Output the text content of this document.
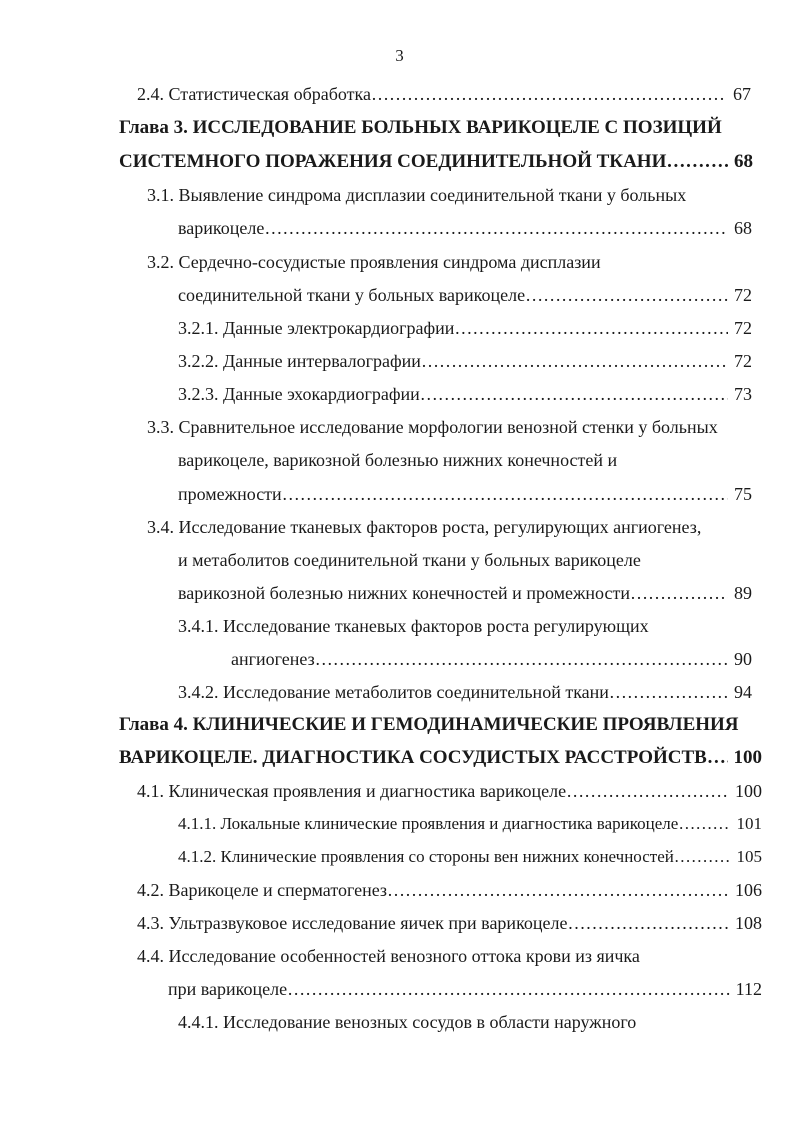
3
2.4. Статистическая обработка ……………………………………………………………………………………………………………………………………………………………………………………………………………	67
Глава 3. ИССЛЕДОВАНИЕ БОЛЬНЫХ ВАРИКОЦЕЛЕ С ПОЗИЦИЙ
СИСТЕМНОГО ПОРАЖЕНИЯ СОЕДИНИТЕЛЬНОЙ ТКАНИ ……………………………………………………………………………………………………………………………………………………………………………………………………………	68
3.1. Выявление синдрома дисплазии соединительной ткани у больных
варикоцеле ……………………………………………………………………………………………………………………………………………………………………………………………………………	68
3.2. Сердечно-сосудистые проявления синдрома дисплазии
соединительной ткани у больных варикоцеле ……………………………………………………………………………………………………………………………………………………………………………………………………………	72
3.2.1. Данные электрокардиографии ……………………………………………………………………………………………………………………………………………………………………………………………………………	72
3.2.2. Данные интервалографии ……………………………………………………………………………………………………………………………………………………………………………………………………………	72
3.2.3. Данные эхокардиографии ……………………………………………………………………………………………………………………………………………………………………………………………………………	73
3.3. Сравнительное исследование морфологии венозной стенки у больных
варикоцеле, варикозной болезнью нижних конечностей и
промежности ……………………………………………………………………………………………………………………………………………………………………………………………………………	75
3.4. Исследование тканевых факторов роста, регулирующих ангиогенез,
и метаболитов соединительной ткани у больных варикоцеле
варикозной болезнью нижних конечностей и промежности ……………………………………………………………………………………………………………………………………………………………………………………………………………	89
3.4.1. Исследование тканевых факторов роста регулирующих
ангиогенез ……………………………………………………………………………………………………………………………………………………………………………………………………………	90
3.4.2. Исследование метаболитов соединительной ткани ……………………………………………………………………………………………………………………………………………………………………………………………………………	94
Глава 4. КЛИНИЧЕСКИЕ И ГЕМОДИНАМИЧЕСКИЕ ПРОЯВЛЕНИЯ
ВАРИКОЦЕЛЕ. ДИАГНОСТИКА СОСУДИСТЫХ РАССТРОЙСТВ ……………………………………………………………………………………………………………………………………………………………………………………………………………	100
4.1. Клиническая проявления и диагностика варикоцеле ……………………………………………………………………………………………………………………………………………………………………………………………………………	100
4.1.1. Локальные клинические проявления и диагностика варикоцеле ……………………………………………………………………………………………………………………………………………………………………………………………………………	101
4.1.2. Клинические проявления со стороны вен нижних конечностей ……………………………………………………………………………………………………………………………………………………………………………………………………………	105
4.2. Варикоцеле и сперматогенез ……………………………………………………………………………………………………………………………………………………………………………………………………………	106
4.3. Ультразвуковое исследование яичек при варикоцеле ……………………………………………………………………………………………………………………………………………………………………………………………………………	108
4.4. Исследование особенностей венозного оттока крови из яичка
при варикоцеле ……………………………………………………………………………………………………………………………………………………………………………………………………………	112
4.4.1. Исследование венозных сосудов в области наружного
